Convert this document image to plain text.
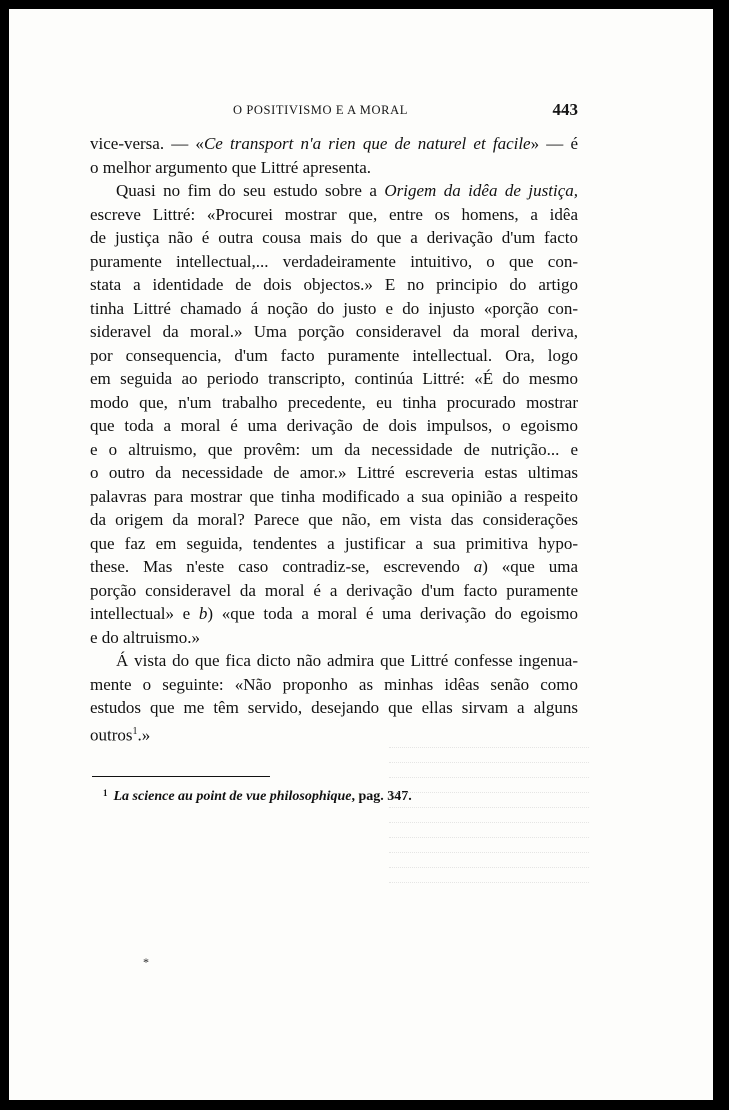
O POSITIVISMO E A MORAL	443
vice-versa. — «Ce transport n'a rien que de naturel et facile» — é
o melhor argumento que Littré apresenta.
Quasi no fim do seu estudo sobre a Origem da idêa de justiça,
escreve Littré: «Procurei mostrar que, entre os homens, a idêa
de justiça não é outra cousa mais do que a derivação d'um facto
puramente intellectual,... verdadeiramente intuitivo, o que con-
stata a identidade de dois objectos.» E no principio do artigo
tinha Littré chamado á noção do justo e do injusto «porção con-
sideravel da moral.» Uma porção consideravel da moral deriva,
por consequencia, d'um facto puramente intellectual. Ora, logo
em seguida ao periodo transcripto, continúa Littré: «É do mesmo
modo que, n'um trabalho precedente, eu tinha procurado mostrar
que toda a moral é uma derivação de dois impulsos, o egoismo
e o altruismo, que provêm: um da necessidade de nutrição... e
o outro da necessidade de amor.» Littré escreveria estas ultimas
palavras para mostrar que tinha modificado a sua opinião a respeito
da origem da moral? Parece que não, em vista das considerações
que faz em seguida, tendentes a justificar a sua primitiva hypo-
these. Mas n'este caso contradiz-se, escrevendo a) «que uma
porção consideravel da moral é a derivação d'um facto puramente
intellectual» e b) «que toda a moral é uma derivação do egoismo
e do altruismo.»
Á vista do que fica dicto não admira que Littré confesse ingenua-
mente o seguinte: «Não proponho as minhas idêas senão como
estudos que me têm servido, desejando que ellas sirvam a alguns
outros$^1$.»
$^1$ La science au point de vue philosophique, pag. 347.
*
